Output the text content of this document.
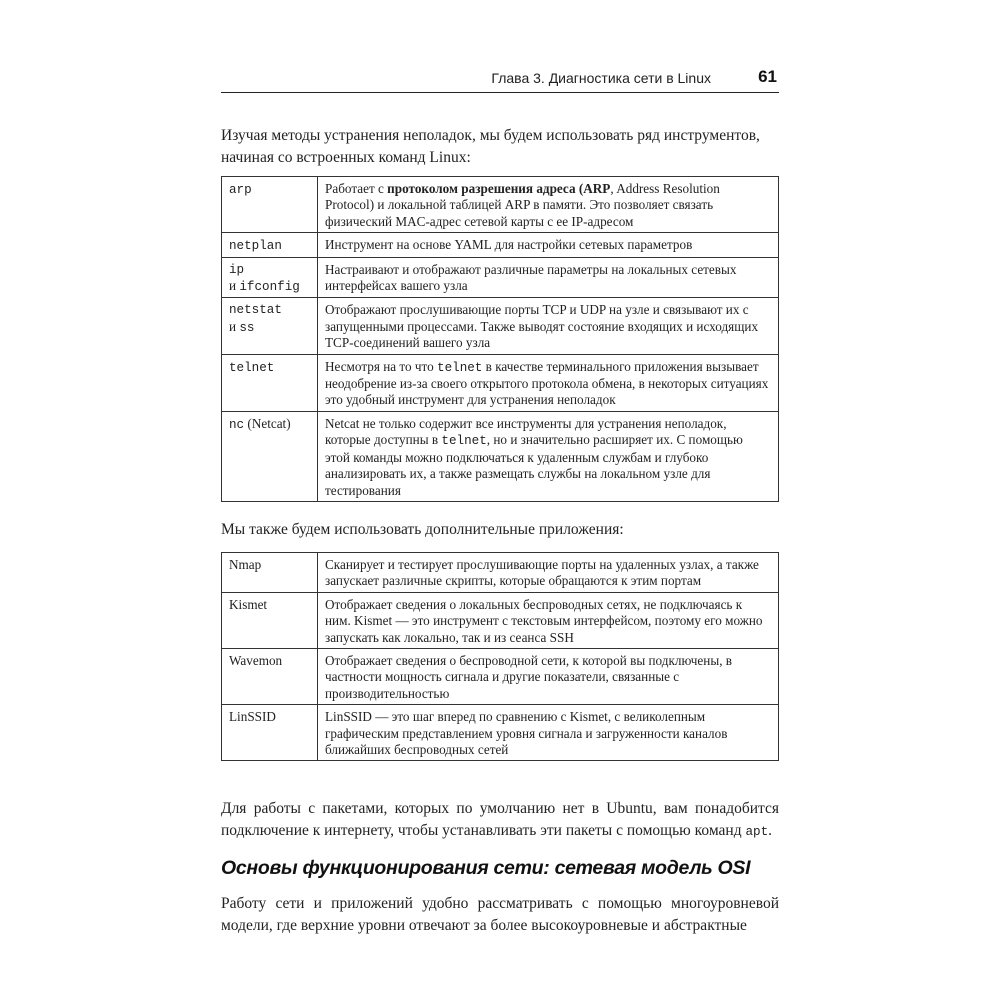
Глава 3. Диагностика сети в Linux	61
Изучая методы устранения неполадок, мы будем использовать ряд инструментов, начиная со встроенных команд Linux:
arp	Работает с протоколом разрешения адреса (ARP, Address Resolution Protocol) и локальной таблицей ARP в памяти. Это позволяет связать физический MAC-адрес сетевой карты с ее IP-адресом
netplan	Инструмент на основе YAML для настройки сетевых параметров

ip
и ifconfig	Настраивают и отображают различные параметры на локальных сетевых интерфейсах вашего узла

netstat
и ss	Отображают прослушивающие порты TCP и UDP на узле и связывают их с запущенными процессами. Также выводят состояние входящих и исходящих TCP-соединений вашего узла
telnet	Несмотря на то что telnet в качестве терминального приложения вызывает неодобрение из-за своего открытого протокола обмена, в некоторых ситуациях это удобный инструмент для устранения неполадок
nc (Netcat)	Netcat не только содержит все инструменты для устранения неполадок, которые доступны в telnet, но и значительно расширяет их. С помощью этой команды можно подключаться к удаленным службам и глубоко анализировать их, а также размещать службы на локальном узле для тестирования
Мы также будем использовать дополнительные приложения:
Nmap	Сканирует и тестирует прослушивающие порты на удаленных узлах, а также запускает различные скрипты, которые обращаются к этим портам
Kismet	Отображает сведения о локальных беспроводных сетях, не подключаясь к ним. Kismet — это инструмент с текстовым интерфейсом, поэтому его можно запускать как локально, так и из сеанса SSH
Wavemon	Отображает сведения о беспроводной сети, к которой вы подключены, в частности мощность сигнала и другие показатели, связанные с производительностью
LinSSID	LinSSID — это шаг вперед по сравнению с Kismet, с великолепным графическим представлением уровня сигнала и загруженности каналов ближайших беспроводных сетей
Для работы с пакетами, которых по умолчанию нет в Ubuntu, вам понадобится подключение к интернету, чтобы устанавливать эти пакеты с помощью команд apt.
Основы функционирования сети: сетевая модель OSI
Работу сети и приложений удобно рассматривать с помощью многоуровневой модели, где верхние уровни отвечают за более высокоуровневые и абстрактные
